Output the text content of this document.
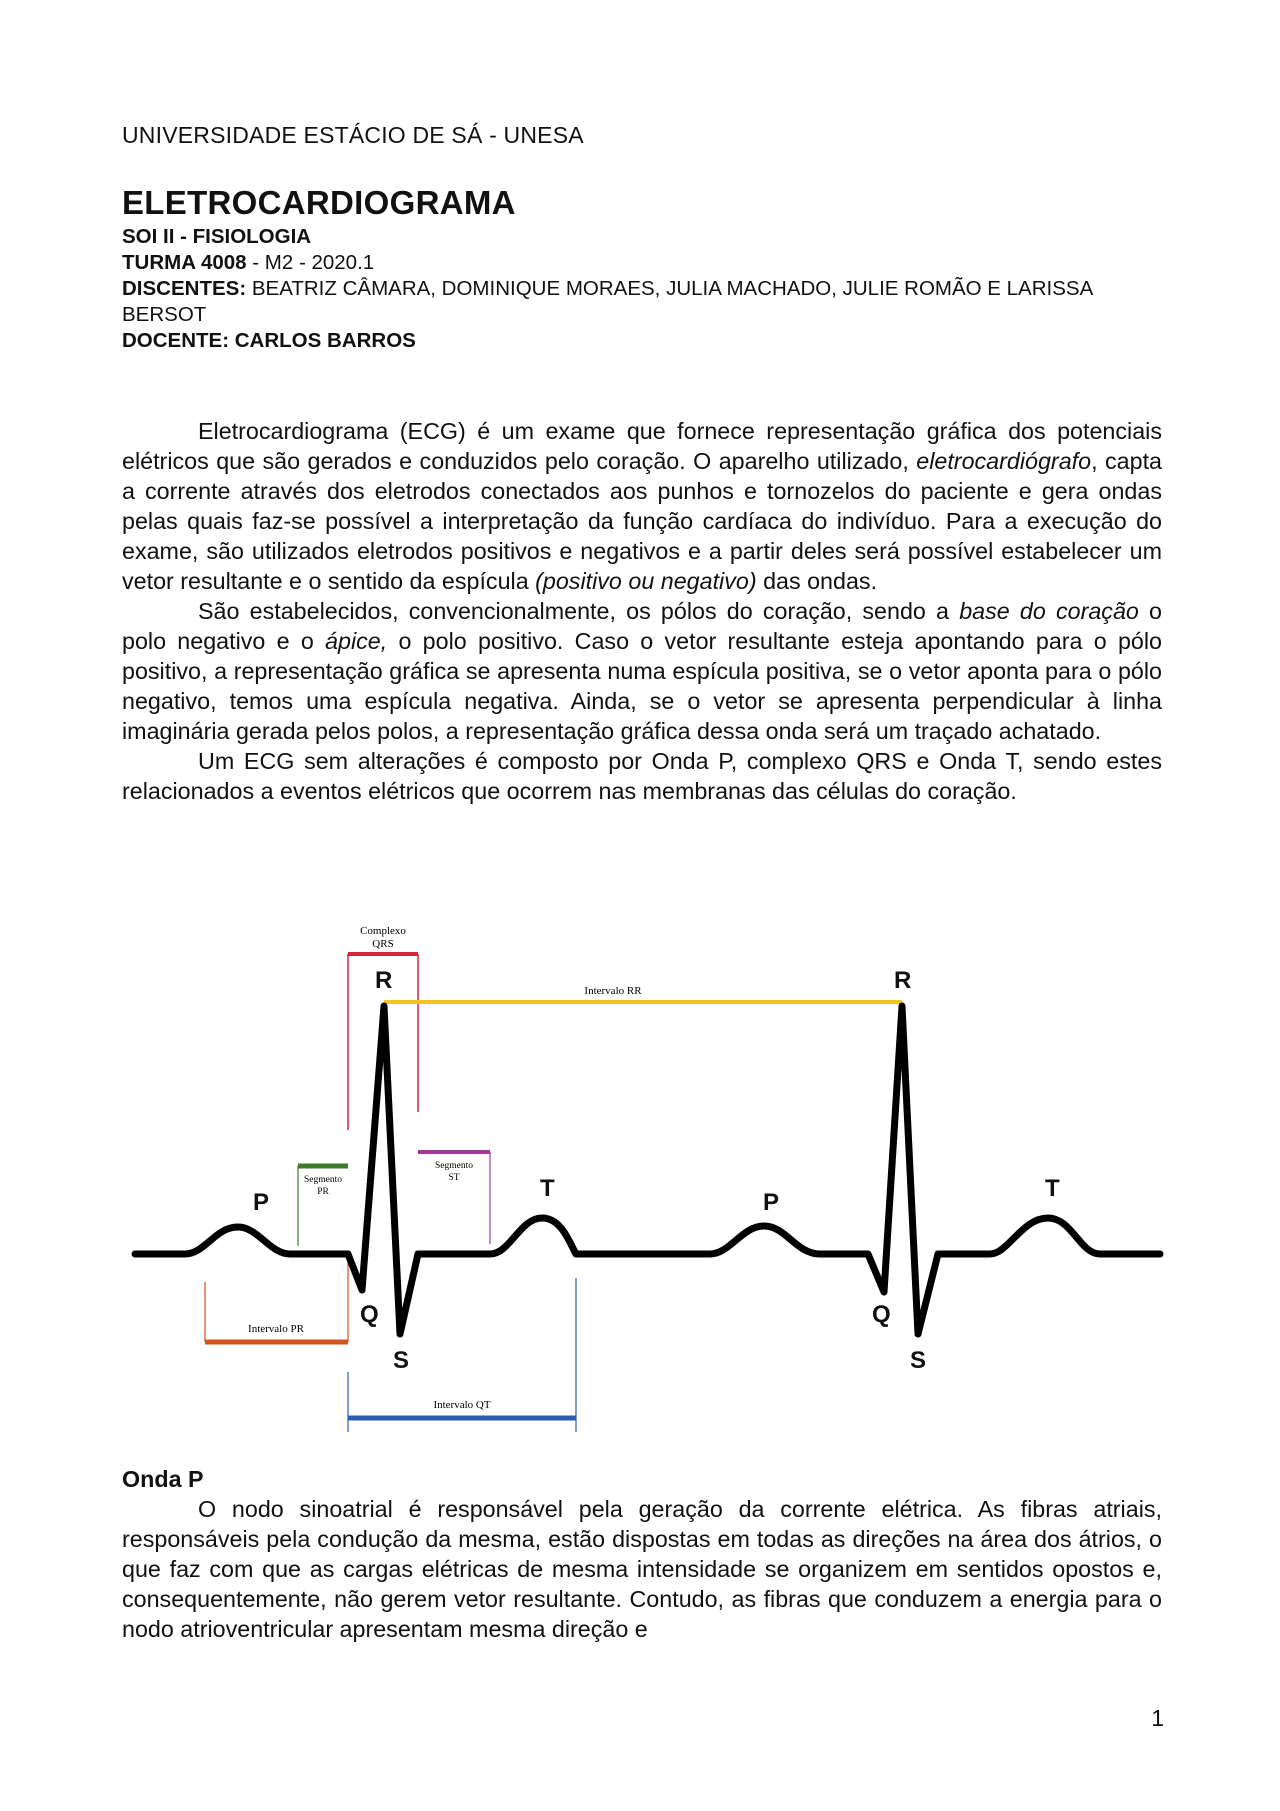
UNIVERSIDADE ESTÁCIO DE SÁ - UNESA
ELETROCARDIOGRAMA
SOI II - FISIOLOGIA
TURMA 4008 - M2 - 2020.1
DISCENTES: BEATRIZ CÂMARA, DOMINIQUE MORAES, JULIA MACHADO, JULIE ROMÃO E LARISSA BERSOT
DOCENTE: CARLOS BARROS

Eletrocardiograma (ECG) é um exame que fornece representação gráfica dos potenciais elétricos que são gerados e conduzidos pelo coração. O aparelho utilizado, eletrocardiógrafo, capta a corrente através dos eletrodos conectados aos punhos e tornozelos do paciente e gera ondas pelas quais faz-se possível a interpretação da função cardíaca do indivíduo. Para a execução do exame, são utilizados eletrodos positivos e negativos e a partir deles será possível estabelecer um vetor resultante e o sentido da espícula (positivo ou negativo) das ondas.

São estabelecidos, convencionalmente, os pólos do coração, sendo a base do coração o polo negativo e o ápice, o polo positivo. Caso o vetor resultante esteja apontando para o pólo positivo, a representação gráfica se apresenta numa espícula positiva, se o vetor aponta para o pólo negativo, temos uma espícula negativa. Ainda, se o vetor se apresenta perpendicular à linha imaginária gerada pelos polos, a representação gráfica dessa onda será um traçado achatado.

Um ECG sem alterações é composto por Onda P, complexo QRS e Onda T, sendo estes relacionados a eventos elétricos que ocorrem nas membranas das células do coração.

Complexo
QRS
Intervalo RR
Segmento
PR
Segmento
ST
Intervalo PR
Intervalo QT
R	R
P	P
T	T
Q	Q
S	S
Onda P

O nodo sinoatrial é responsável pela geração da corrente elétrica. As fibras atriais, responsáveis pela condução da mesma, estão dispostas em todas as direções na área dos átrios, o que faz com que as cargas elétricas de mesma intensidade se organizem em sentidos opostos e, consequentemente, não gerem vetor resultante. Contudo, as fibras que conduzem a energia para o nodo atrioventricular apresentam mesma direção e

1
